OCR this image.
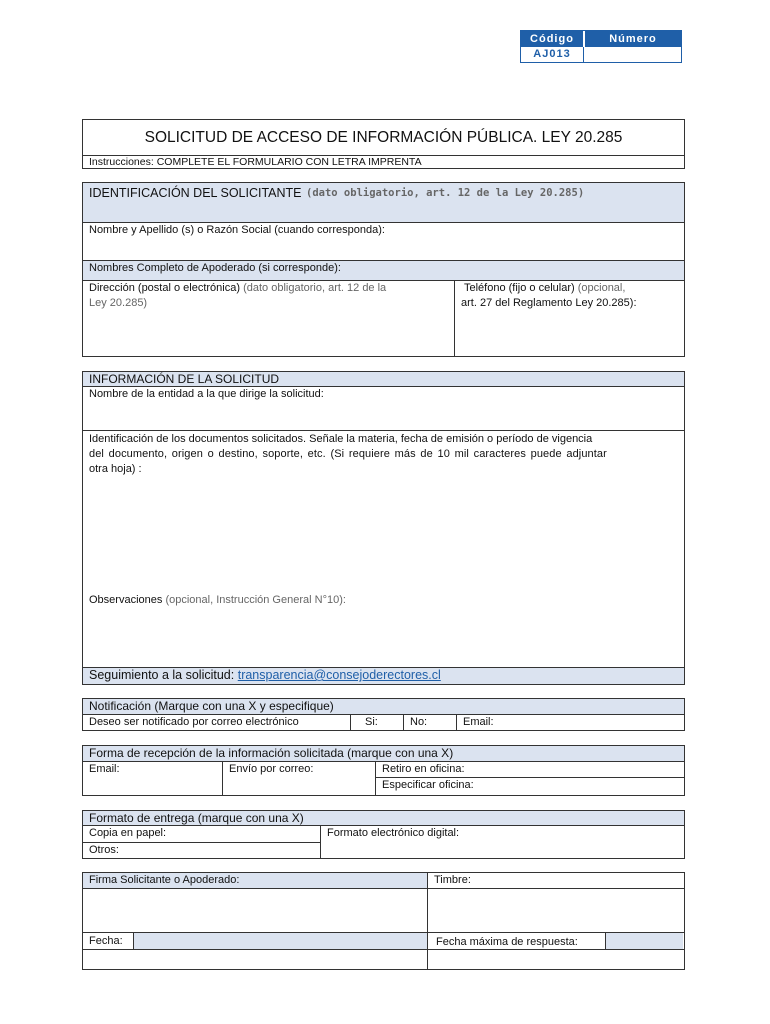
Código	Número
AJ013
SOLICITUD DE ACCESO DE INFORMACIÓN PÚBLICA. LEY 20.285
Instrucciones: COMPLETE EL FORMULARIO CON LETRA IMPRENTA
IDENTIFICACIÓN DEL SOLICITANTE (dato obligatorio, art. 12 de la Ley 20.285)
Nombre y Apellido (s) o Razón Social (cuando corresponda):
Nombres Completo de Apoderado (si corresponde):
Dirección (postal o electrónica) (dato obligatorio, art. 12 de la
Ley 20.285)
Teléfono (fijo o celular) (opcional,
art. 27 del Reglamento Ley 20.285):
INFORMACIÓN DE LA SOLICITUD
Nombre de la entidad a la que dirige la solicitud:
Identificación de los documentos solicitados. Señale la materia, fecha de emisión o período de vigencia
del documento, origen o destino, soporte, etc. (Si requiere más de 10 mil caracteres puede adjuntar
otra hoja) :
Observaciones (opcional, Instrucción General N°10):
Seguimiento a la solicitud: transparencia@consejoderectores.cl
Notificación (Marque con una X y especifique)
Deseo ser notificado por correo electrónico	Si:	No:	Email:
Forma de recepción de la información solicitada (marque con una X)
Email:	Envío por correo:	Retiro en oficina:
Especificar oficina:
Formato de entrega (marque con una X)
Copia en papel:
Otros:
Formato electrónico digital:
Firma Solicitante o Apoderado:	Timbre:
Fecha:	Fecha máxima de respuesta:
